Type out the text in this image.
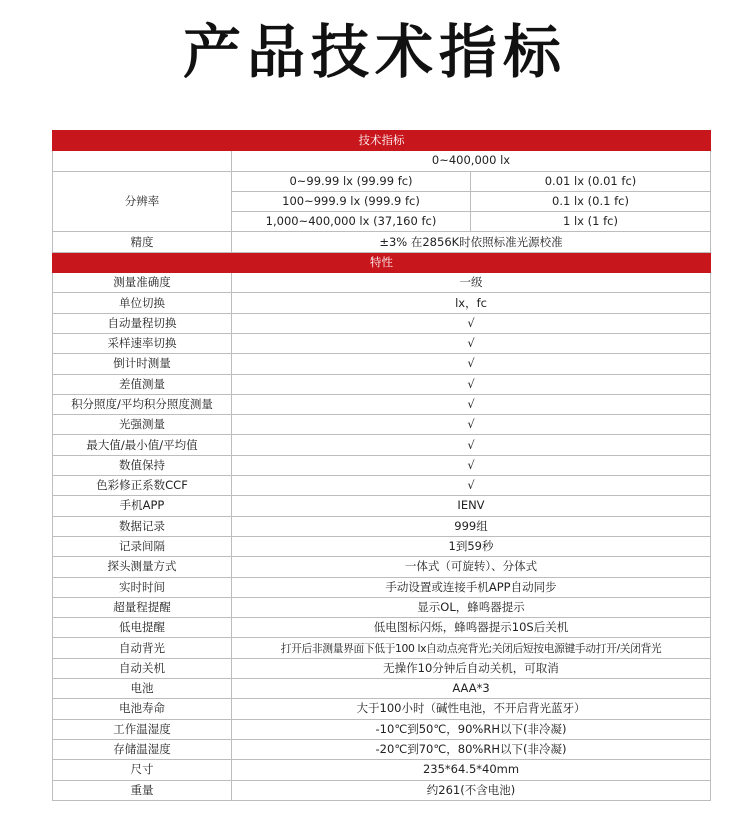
产品技术指标
技术指标		
	0~400,000 lx	
分辨率	0~99.99 lx (99.99 fc)	0.01 lx (0.01 fc)
	100~999.9 lx (999.9 fc)	0.1 lx (0.1 fc)
	1,000~400,000 lx (37,160 fc)	1 lx (1 fc)
精度	±3% 在2856K时依照标准光源校准	
特性		
测量准确度	一级	
单位切换	lx，fc	
自动量程切换	√	
采样速率切换	√	
倒计时测量	√	
差值测量	√	
积分照度/平均积分照度测量	√	
光强测量	√	
最大值/最小值/平均值	√	
数值保持	√	
色彩修正系数CCF	√	
手机APP	IENV	
数据记录	999组	
记录间隔	1到59秒	
探头测量方式	一体式（可旋转）、分体式	
实时时间	手动设置或连接手机APP自动同步	
超量程提醒	显示OL，蜂鸣器提示	
低电提醒	低电图标闪烁，蜂鸣器提示10S后关机	
自动背光	打开后非测量界面下低于100 lx自动点亮背光;关闭后短按电源键手动打开/关闭背光	
自动关机	无操作10分钟后自动关机，可取消	
电池	AAA*3	
电池寿命	大于100小时（碱性电池，不开启背光蓝牙）	
工作温湿度	-10℃到50℃，90%RH以下(非冷凝)	
存储温湿度	-20℃到70℃，80%RH以下(非冷凝)	
尺寸	235*64.5*40mm	
重量	约261(不含电池)	
